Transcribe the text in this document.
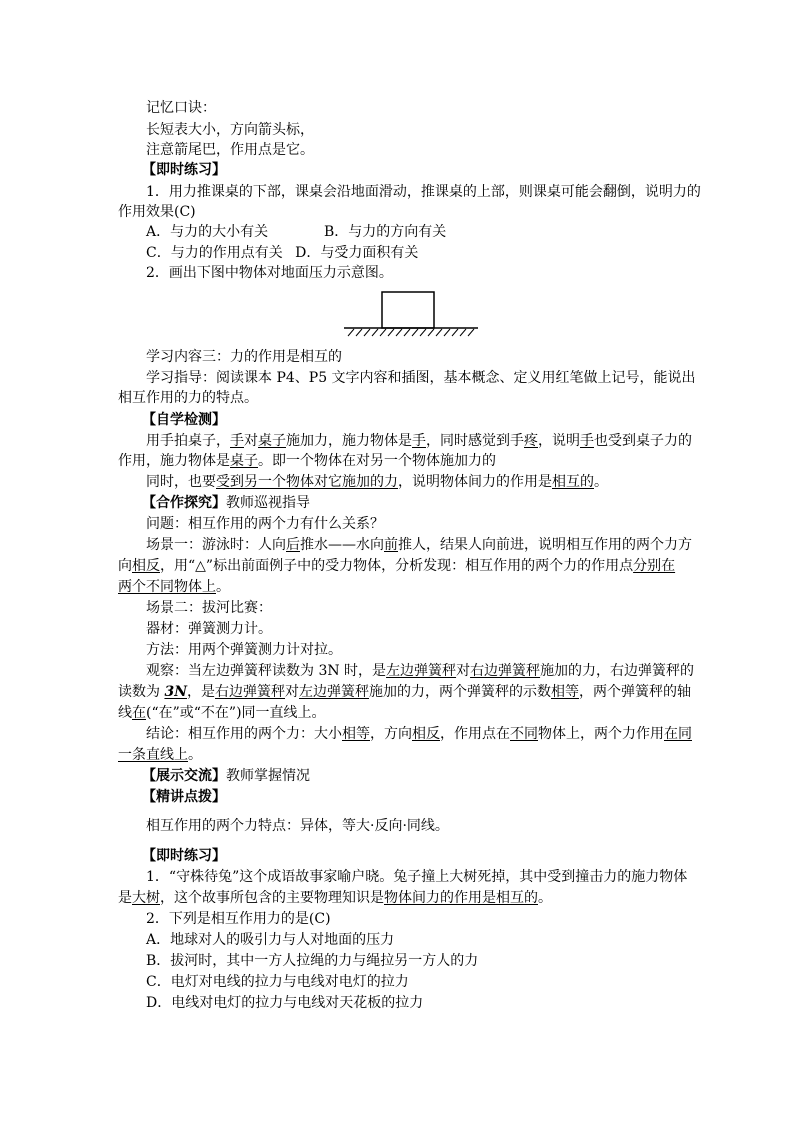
记忆口诀：
长短表大小，方向箭头标，
注意箭尾巴，作用点是它。
【即时练习】
1．用力推课桌的下部，课桌会沿地面滑动，推课桌的上部，则课桌可能会翻倒，说明力的
作用效果(C)
A．与力的大小有关	B．与力的方向有关
C．与力的作用点有关 D．与受力面积有关
2．画出下图中物体对地面压力示意图。
学习内容三：力的作用是相互的
学习指导：阅读课本 P4、P5 文字内容和插图，基本概念、定义用红笔做上记号，能说出
相互作用的力的特点。
【自学检测】
用手拍桌子，手对桌子施加力，施力物体是手，同时感觉到手疼，说明手也受到桌子力的
作用，施力物体是桌子。即一个物体在对另一个物体施加力的
同时，也要受到另一个物体对它施加的力，说明物体间力的作用是相互的。
【合作探究】教师巡视指导
问题：相互作用的两个力有什么关系？
场景一：游泳时：人向后推水——水向前推人，结果人向前进，说明相互作用的两个力方
向相反，用“△”标出前面例子中的受力物体，分析发现：相互作用的两个力的作用点分别在
两个不同物体上。
场景二：拔河比赛：
器材：弹簧测力计。
方法：用两个弹簧测力计对拉。
观察：当左边弹簧秤读数为 3N 时，是左边弹簧秤对右边弹簧秤施加的力，右边弹簧秤的
读数为 3N，是右边弹簧秤对左边弹簧秤施加的力，两个弹簧秤的示数相等，两个弹簧秤的轴
线在(“在”或“不在”)同一直线上。
结论：相互作用的两个力：大小相等，方向相反，作用点在不同物体上，两个力作用在同
一条直线上。
【展示交流】教师掌握情况
【精讲点拨】
相互作用的两个力特点：异体，等大·反向·同线。
【即时练习】
1．“守株待兔”这个成语故事家喻户晓。兔子撞上大树死掉，其中受到撞击力的施力物体
是大树，这个故事所包含的主要物理知识是物体间力的作用是相互的。
2．下列是相互作用力的是(C)
A．地球对人的吸引力与人对地面的压力
B．拔河时，其中一方人拉绳的力与绳拉另一方人的力
C．电灯对电线的拉力与电线对电灯的拉力
D．电线对电灯的拉力与电线对天花板的拉力
